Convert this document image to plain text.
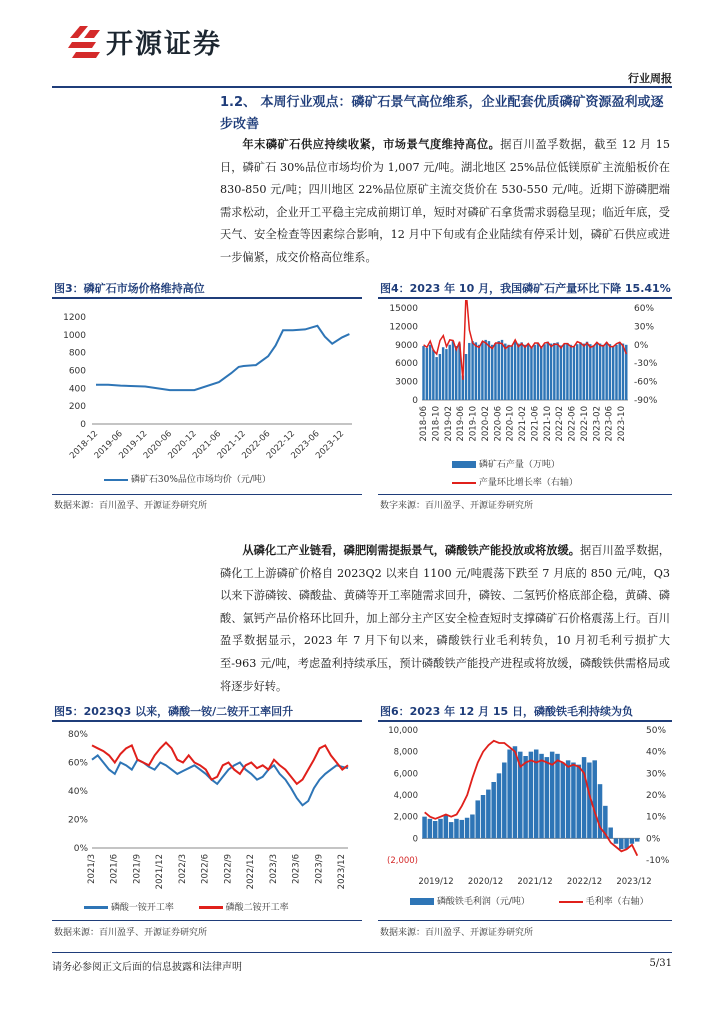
开源证券
行业周报
1.2、 本周行业观点：磷矿石景气高位维系，企业配套优质磷矿资源盈利或逐步改善
年末磷矿石供应持续收紧，市场景气度维持高位。据百川盈孚数据，截至 12 月 15 日，磷矿石 30%品位市场均价为 1,007 元/吨。湖北地区 25%品位低镁原矿主流船板价在 830-850 元/吨；四川地区 22%品位原矿主流交货价在 530-550 元/吨。近期下游磷肥端需求松动，企业开工平稳主完成前期订单，短时对磷矿石拿货需求弱稳呈现；临近年底，受天气、安全检查等因素综合影响，12 月中下旬或有企业陆续有停采计划，磷矿石供应或进一步偏紧，成交价格高位维系。
图3：磷矿石市场价格维持高位
0
200
400
600
800
1000
1200
2018-12
2019-06
2019-12
2020-06
2020-12
2021-06
2021-12
2022-06
2022-12
2023-06
2023-12
磷矿石30%品位市场均价（元/吨）
数据来源：百川盈孚、开源证券研究所
图4：2023 年 10 月，我国磷矿石产量环比下降 15.41%
0
3000
6000
9000
12000
15000
-90%
-60%
-30%
0%
30%
60%
2018-06 2018-10 2019-02 2019-06 2019-10 2020-02 2020-06 2020-10 2021-02 2021-06 2021-10 2022-02 2022-06 2022-10 2023-02 2023-06 2023-10
磷矿石产量（万吨）
产量环比增长率（右轴）
数字来源：百川盈孚、开源证券研究所
从磷化工产业链看，磷肥刚需提振景气，磷酸铁产能投放或将放缓。据百川盈孚数据，磷化工上游磷矿价格自 2023Q2 以来自 1100 元/吨震荡下跌至 7 月底的 850 元/吨，Q3 以来下游磷铵、磷酸盐、黄磷等开工率随需求回升，磷铵、二氢钙价格底部企稳，黄磷、磷酸、氯钙产品价格环比回升，加上部分主产区安全检查短时支撑磷矿石价格震荡上行。百川盈孚数据显示，2023 年 7 月下旬以来，磷酸铁行业毛利转负，10 月初毛利亏损扩大至-963 元/吨，考虑盈利持续承压，预计磷酸铁产能投产进程或将放缓，磷酸铁供需格局或将逐步好转。
图5：2023Q3 以来，磷酸一铵/二铵开工率回升
0%
20%
40%
60%
80%
2021/3 2021/6 2021/9 2021/12 2022/3 2022/6 2022/9 2022/12 2023/3 2023/6 2023/9 2023/12
磷酸一铵开工率	磷酸二铵开工率
数据来源：百川盈孚、开源证券研究所
图6：2023 年 12 月 15 日，磷酸铁毛利持续为负
(2,000)
0
2,000
4,000
6,000
8,000
10,000
-10%
0%
10%
20%
30%
40%
50%
2019/12 2020/12 2021/12 2022/12 2023/12
磷酸铁毛利润（元/吨）	毛利率（右轴）
数据来源：百川盈孚、开源证券研究所
请务必参阅正文后面的信息披露和法律声明	5/31
